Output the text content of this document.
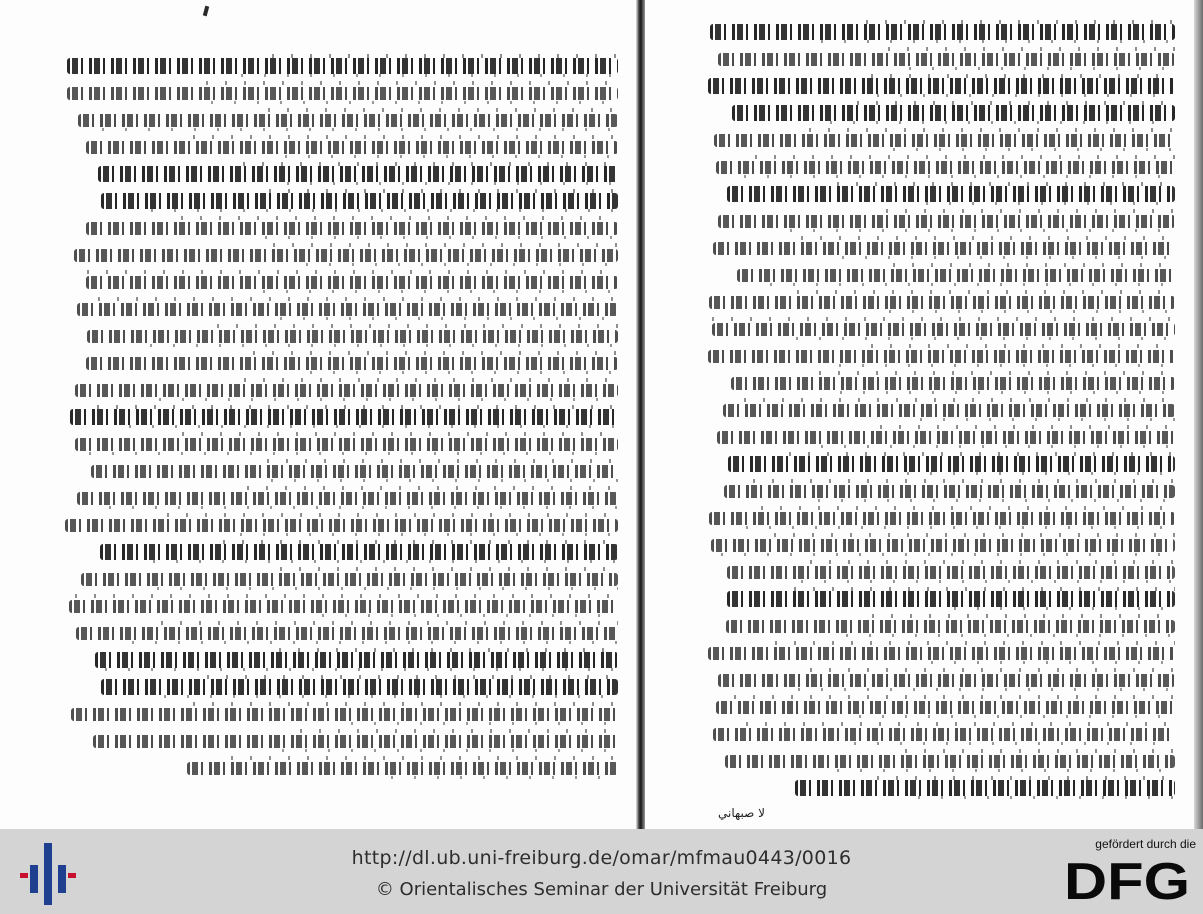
لا صبهاني
http://dl.ub.uni-freiburg.de/omar/mfmau0443/0016
© Orientalisches Seminar der Universität Freiburg
gefördert durch die
DFG
